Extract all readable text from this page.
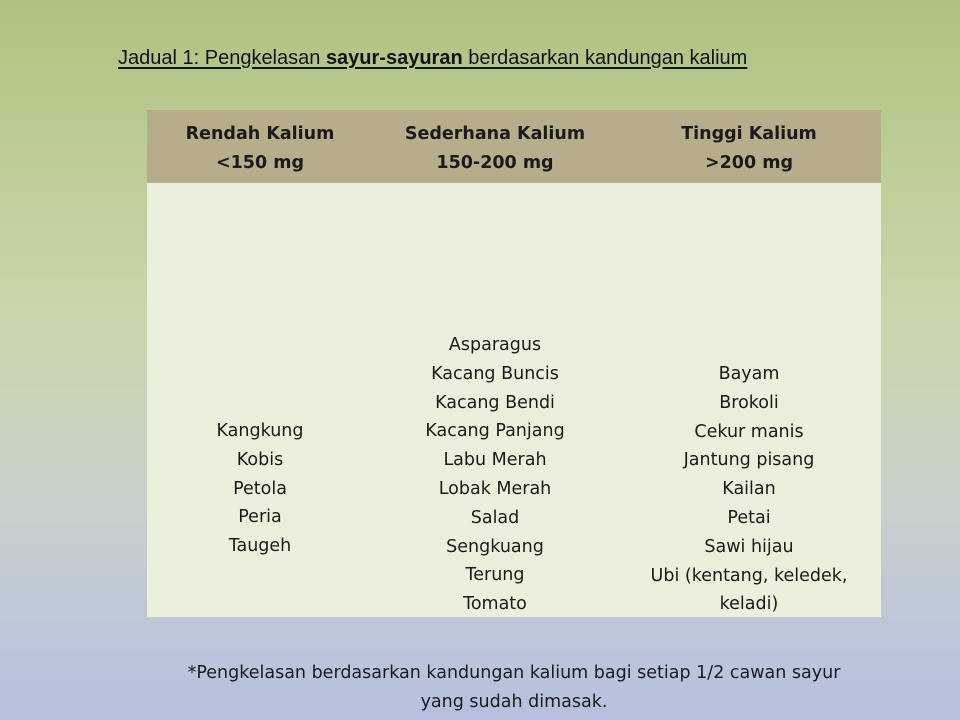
Jadual 1: Pengkelasan sayur-sayuran berdasarkan kandungan kalium
Rendah Kalium
<150 mg
Sederhana Kalium
150-200 mg
Tinggi Kalium
>200 mg
Kangkung
Kobis
Petola
Peria
Taugeh
Asparagus
Kacang Buncis
Kacang Bendi
Kacang Panjang
Labu Merah
Lobak Merah
Salad
Sengkuang
Terung
Tomato
Bayam
Brokoli
Cekur manis
Jantung pisang
Kailan
Petai
Sawi hijau
Ubi (kentang, keledek,
keladi)
*Pengkelasan berdasarkan kandungan kalium bagi setiap 1/2 cawan sayur
yang sudah dimasak.
